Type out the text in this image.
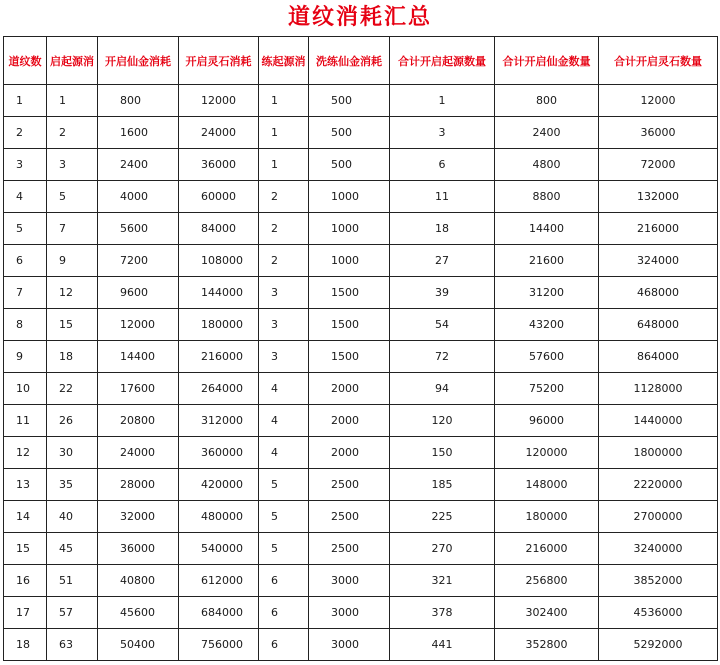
道纹消耗汇总
道纹数	启起源消	开启仙金消耗	开启灵石消耗	练起源消	洗练仙金消耗	合计开启起源数量	合计开启仙金数量	合计开启灵石数量
1	1	800	12000	1	500	1	800	12000
2	2	1600	24000	1	500	3	2400	36000
3	3	2400	36000	1	500	6	4800	72000
4	5	4000	60000	2	1000	11	8800	132000
5	7	5600	84000	2	1000	18	14400	216000
6	9	7200	108000	2	1000	27	21600	324000
7	12	9600	144000	3	1500	39	31200	468000
8	15	12000	180000	3	1500	54	43200	648000
9	18	14400	216000	3	1500	72	57600	864000
10	22	17600	264000	4	2000	94	75200	1128000
11	26	20800	312000	4	2000	120	96000	1440000
12	30	24000	360000	4	2000	150	120000	1800000
13	35	28000	420000	5	2500	185	148000	2220000
14	40	32000	480000	5	2500	225	180000	2700000
15	45	36000	540000	5	2500	270	216000	3240000
16	51	40800	612000	6	3000	321	256800	3852000
17	57	45600	684000	6	3000	378	302400	4536000
18	63	50400	756000	6	3000	441	352800	5292000
